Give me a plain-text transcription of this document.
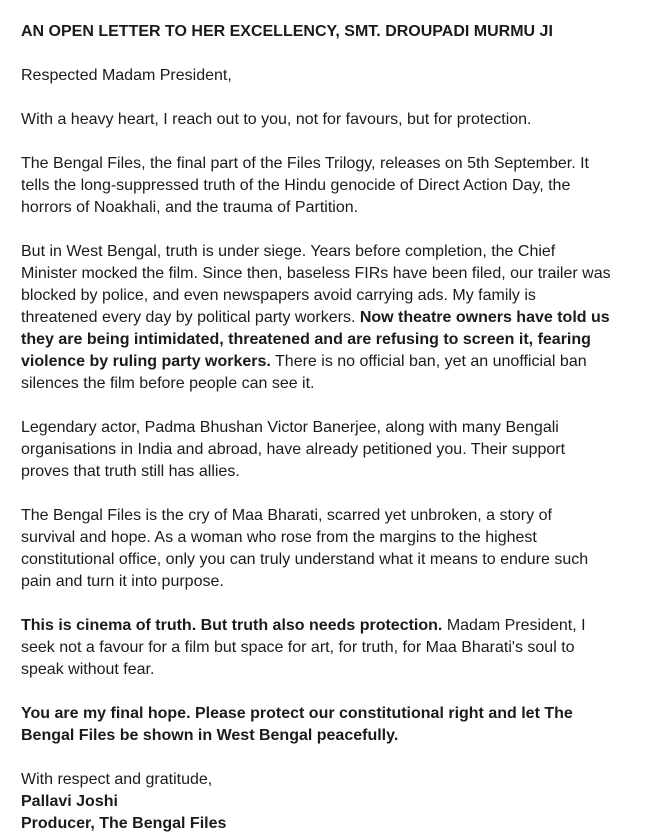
AN OPEN LETTER TO HER EXCELLENCY, SMT. DROUPADI MURMU JI

Respected Madam President,

With a heavy heart, I reach out to you, not for favours, but for protection.

The Bengal Files, the final part of the Files Trilogy, releases on 5th September. It
tells the long-suppressed truth of the Hindu genocide of Direct Action Day, the
horrors of Noakhali, and the trauma of Partition.

But in West Bengal, truth is under siege. Years before completion, the Chief
Minister mocked the film. Since then, baseless FIRs have been filed, our trailer was
blocked by police, and even newspapers avoid carrying ads. My family is
threatened every day by political party workers. Now theatre owners have told us
they are being intimidated, threatened and are refusing to screen it, fearing
violence by ruling party workers. There is no official ban, yet an unofficial ban
silences the film before people can see it.

Legendary actor, Padma Bhushan Victor Banerjee, along with many Bengali
organisations in India and abroad, have already petitioned you. Their support
proves that truth still has allies.

The Bengal Files is the cry of Maa Bharati, scarred yet unbroken, a story of
survival and hope. As a woman who rose from the margins to the highest
constitutional office, only you can truly understand what it means to endure such
pain and turn it into purpose.

This is cinema of truth. But truth also needs protection. Madam President, I
seek not a favour for a film but space for art, for truth, for Maa Bharati's soul to
speak without fear.

You are my final hope. Please protect our constitutional right and let The
Bengal Files be shown in West Bengal peacefully.

With respect and gratitude,
Pallavi Joshi
Producer, The Bengal Files
